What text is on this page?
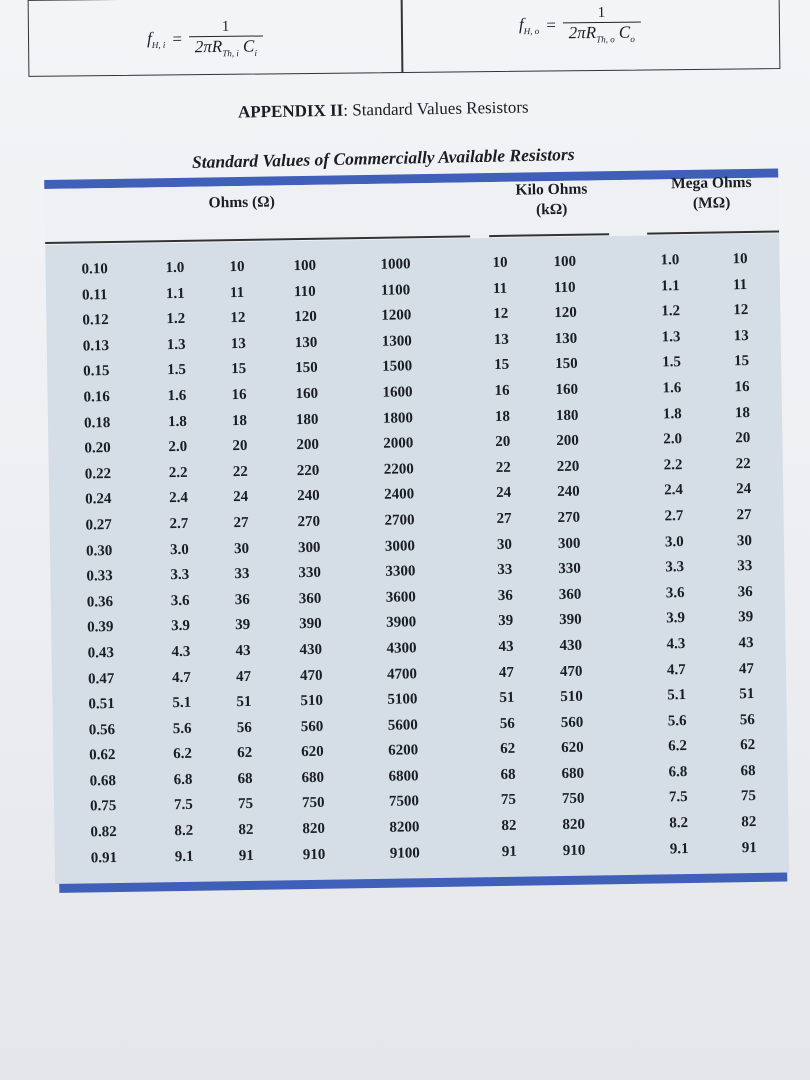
$f_{H, i} = \frac{1}{2\pi R_{Th, i} C_i}$	$f_{H, o} = \frac{1}{2\pi R_{Th, o} C_o}$
APPENDIX II: Standard Values Resistors
Standard Values of Commercially Available Resistors
Ohms (Ω)
Kilo Ohms
(kΩ)
Mega Ohms
(MΩ)
0.10	1.0	10	100	1000	10	100	1.0	10
0.11	1.1	11	110	1100	11	110	1.1	11
0.12	1.2	12	120	1200	12	120	1.2	12
0.13	1.3	13	130	1300	13	130	1.3	13
0.15	1.5	15	150	1500	15	150	1.5	15
0.16	1.6	16	160	1600	16	160	1.6	16
0.18	1.8	18	180	1800	18	180	1.8	18
0.20	2.0	20	200	2000	20	200	2.0	20
0.22	2.2	22	220	2200	22	220	2.2	22
0.24	2.4	24	240	2400	24	240	2.4	24
0.27	2.7	27	270	2700	27	270	2.7	27
0.30	3.0	30	300	3000	30	300	3.0	30
0.33	3.3	33	330	3300	33	330	3.3	33
0.36	3.6	36	360	3600	36	360	3.6	36
0.39	3.9	39	390	3900	39	390	3.9	39
0.43	4.3	43	430	4300	43	430	4.3	43
0.47	4.7	47	470	4700	47	470	4.7	47
0.51	5.1	51	510	5100	51	510	5.1	51
0.56	5.6	56	560	5600	56	560	5.6	56
0.62	6.2	62	620	6200	62	620	6.2	62
0.68	6.8	68	680	6800	68	680	6.8	68
0.75	7.5	75	750	7500	75	750	7.5	75
0.82	8.2	82	820	8200	82	820	8.2	82
0.91	9.1	91	910	9100	91	910	9.1	91
